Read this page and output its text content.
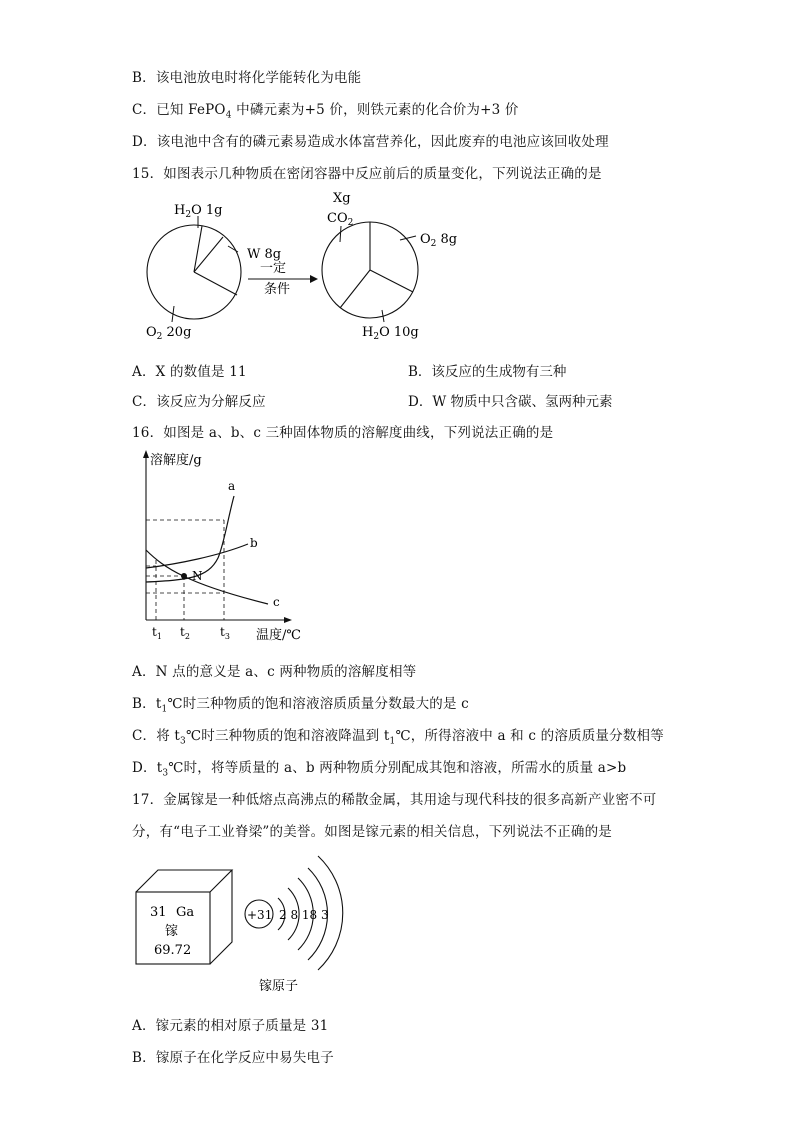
B．该电池放电时将化学能转化为电能
C．已知 FePO$_4$ 中磷元素为+5 价，则铁元素的化合价为+3 价
D．该电池中含有的磷元素易造成水体富营养化，因此废弃的电池应该回收处理
15．如图表示几种物质在密闭容器中反应前后的质量变化，下列说法正确的是
$H_2O$ 1g
W 8g
$O_2$ 20g
一定
条件
Xg
$CO_2$
$O_2$ 8g
$H_2O$ 10g
A．X 的数值是 11	B．该反应的生成物有三种
C．该反应为分解反应	D．W 物质中只含碳、氢两种元素
16．如图是 a、b、c 三种固体物质的溶解度曲线，下列说法正确的是
溶解度/g
温度/℃
a
b
c
N
$t_1$ $t_2$	$t_3$
A．N 点的意义是 a、c 两种物质的溶解度相等
B．$t_1℃$时三种物质的饱和溶液溶质质量分数最大的是 c
C．将 $t_3℃$时三种物质的饱和溶液降温到 $t_1℃$，所得溶液中 a 和 c 的溶质质量分数相等
D．$t_3℃$时，将等质量的 a、b 两种物质分别配成其饱和溶液，所需水的质量 a>b
17．金属镓是一种低熔点高沸点的稀散金属，其用途与现代科技的很多高新产业密不可
分，有“电子工业脊梁”的美誉。如图是镓元素的相关信息，下列说法不正确的是
31 Ga
镓
69.72
+31 2 8 18 3
镓原子
A．镓元素的相对原子质量是 31
B．镓原子在化学反应中易失电子
